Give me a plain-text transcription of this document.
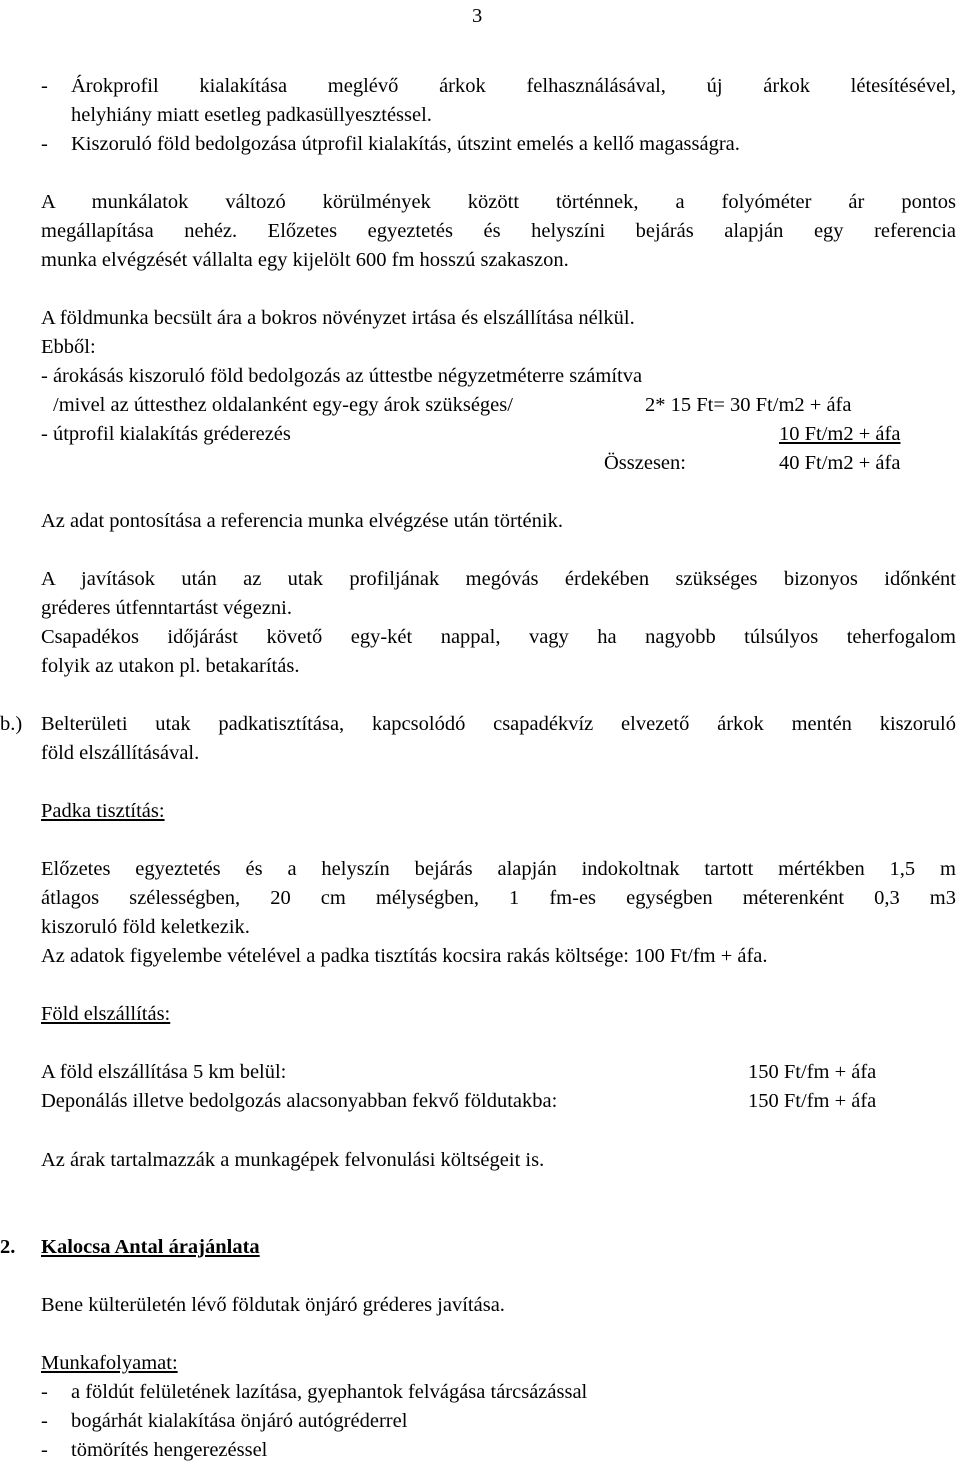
3
- Árokprofil kialakítása meglévő árkok felhasználásával, új árkok létesítésével,
helyhiány miatt esetleg padkasüllyesztéssel.
- Kiszoruló föld bedolgozása útprofil kialakítás, útszint emelés a kellő magasságra.
A munkálatok változó körülmények között történnek, a folyóméter ár pontos
megállapítása nehéz. Előzetes egyeztetés és helyszíni bejárás alapján egy referencia
munka elvégzését vállalta egy kijelölt 600 fm hosszú szakaszon.
A földmunka becsült ára a bokros növényzet irtása és elszállítása nélkül.
Ebből:
- árokásás kiszoruló föld bedolgozás az úttestbe négyzetméterre számítva
/mivel az úttesthez oldalanként egy-egy árok szükséges/	2* 15 Ft= 30 Ft/m2 + áfa
- útprofil kialakítás gréderezés	10 Ft/m2 + áfa
Összesen:	40 Ft/m2 + áfa
Az adat pontosítása a referencia munka elvégzése után történik.
A javítások után az utak profiljának megóvás érdekében szükséges bizonyos időnként
gréderes útfenntartást végezni.
Csapadékos időjárást követő egy-két nappal, vagy ha nagyobb túlsúlyos teherfogalom
folyik az utakon pl. betakarítás.
b.) Belterületi utak padkatisztítása, kapcsolódó csapadékvíz elvezető árkok mentén kiszoruló
föld elszállításával.
Padka tisztítás:
Előzetes egyeztetés és a helyszín bejárás alapján indokoltnak tartott mértékben 1,5 m
átlagos szélességben, 20 cm mélységben, 1 fm-es egységben méterenként 0,3 m3
kiszoruló föld keletkezik.
Az adatok figyelembe vételével a padka tisztítás kocsira rakás költsége: 100 Ft/fm + áfa.
Föld elszállítás:
A föld elszállítása 5 km belül:	150 Ft/fm + áfa
Deponálás illetve bedolgozás alacsonyabban fekvő földutakba:	150 Ft/fm + áfa
Az árak tartalmazzák a munkagépek felvonulási költségeit is.
2. Kalocsa Antal árajánlata
Bene külterületén lévő földutak önjáró gréderes javítása.
Munkafolyamat:
- a földút felületének lazítása, gyephantok felvágása tárcsázással
- bogárhát kialakítása önjáró autógréderrel
- tömörítés hengerezéssel
